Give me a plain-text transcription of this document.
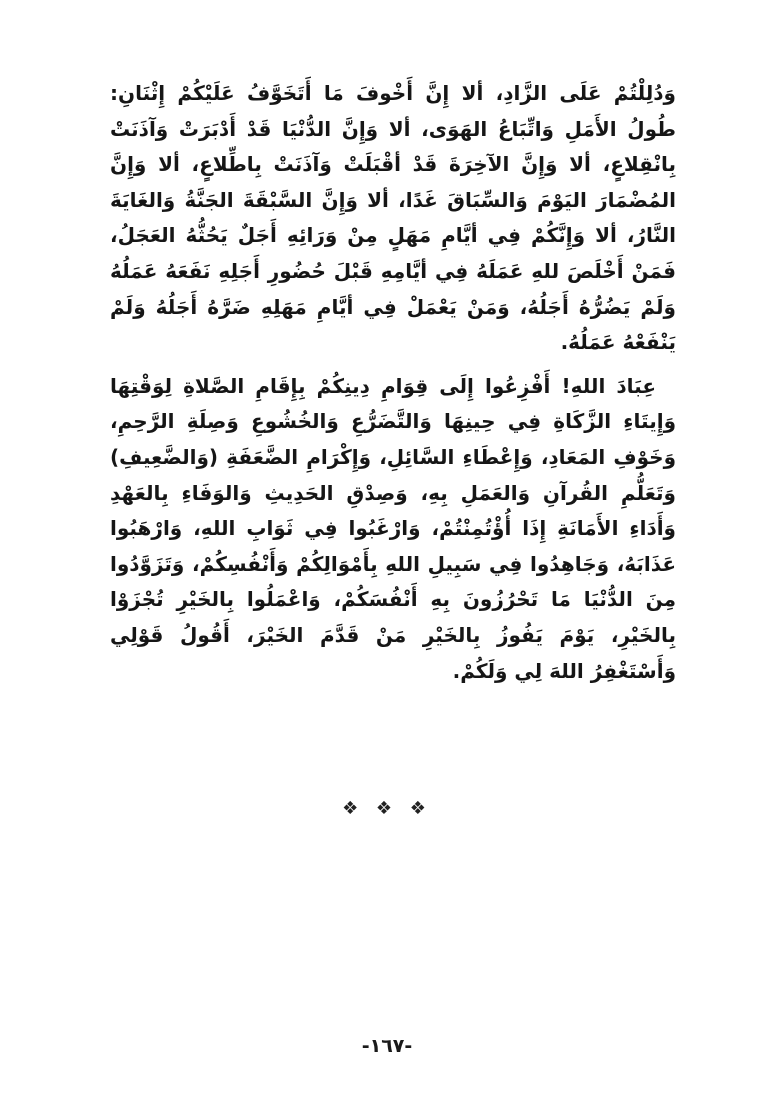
وَدُلِلْتُمْ عَلَى الزَّادِ، ألا إِنَّ أَخْوفَ مَا أَتَخَوَّفُ عَلَيْكُمْ إِثْنَانِ: طُولُ الأَمَلِ وَاتِّبَاعُ الهَوَى، ألا وَإِنَّ الدُّنْيَا قَدْ أَدْبَرَتْ وَآذَنَتْ بِانْقِلاعٍ، ألا وَإِنَّ الآخِرَةَ قَدْ أقْبَلَتْ وَآذَنَتْ بِاطِّلاعٍ، ألا وَإِنَّ المُضْمَارَ اليَوْمَ وَالسِّبَاقَ غَدًا، ألا وَإِنَّ السَّبْقَةَ الجَنَّةُ وَالغَايَةَ النَّارُ، ألا وَإِنَّكُمْ فِي أيَّامِ مَهَلٍ مِنْ وَرَائِهِ أَجَلٌ يَحُثُّهُ العَجَلُ، فَمَنْ أَخْلَصَ للهِ عَمَلَهُ فِي أيَّامِهِ قَبْلَ حُضُورِ أَجَلِهِ نَفَعَهُ عَمَلُهُ وَلَمْ يَضُرُّهُ أَجَلُهُ، وَمَنْ يَعْمَلْ فِي أيَّامِ مَهَلِهِ ضَرَّهُ أَجَلُهُ وَلَمْ يَنْفَعْهُ عَمَلُهُ.

عِبَادَ اللهِ! أَفْزِعُوا إِلَى قِوَامِ دِينِكُمْ بِإِقَامِ الصَّلاةِ لِوَقْتِهَا وَإِيتَاءِ الزَّكَاةِ فِي حِينِهَا وَالتَّضَرُّعِ وَالخُشُوعِ وَصِلَةِ الرَّحِمِ، وَخَوْفِ المَعَادِ، وَإِعْطَاءِ السَّائِلِ، وَإِكْرَامِ الضَّعَفَةِ (وَالضَّعِيفِ) وَتَعَلُّمِ القُرآنِ وَالعَمَلِ بِهِ، وَصِدْقِ الحَدِيثِ وَالوَفَاءِ بِالعَهْدِ وَأَدَاءِ الأَمَانَةِ إِذَا أُؤْتُمِنْتُمْ، وَارْغَبُوا فِي ثَوَابِ اللهِ، وَارْهَبُوا عَذَابَهُ، وَجَاهِدُوا فِي سَبِيلِ اللهِ بِأَمْوَالِكُمْ وَأَنْفُسِكُمْ، وَتَزَوَّدُوا مِنَ الدُّنْيَا مَا تَحْرُزُونَ بِهِ أَنْفُسَكُمْ، وَاعْمَلُوا بِالخَيْرِ تُجْزَوْا بِالخَيْرِ، يَوْمَ يَفُوزُ بِالخَيْرِ مَنْ قَدَّمَ الخَيْرَ، أَقُولُ قَوْلِي وَأَسْتَغْفِرُ اللهَ لِي وَلَكُمْ.

❖ ❖ ❖
-١٦٧-
